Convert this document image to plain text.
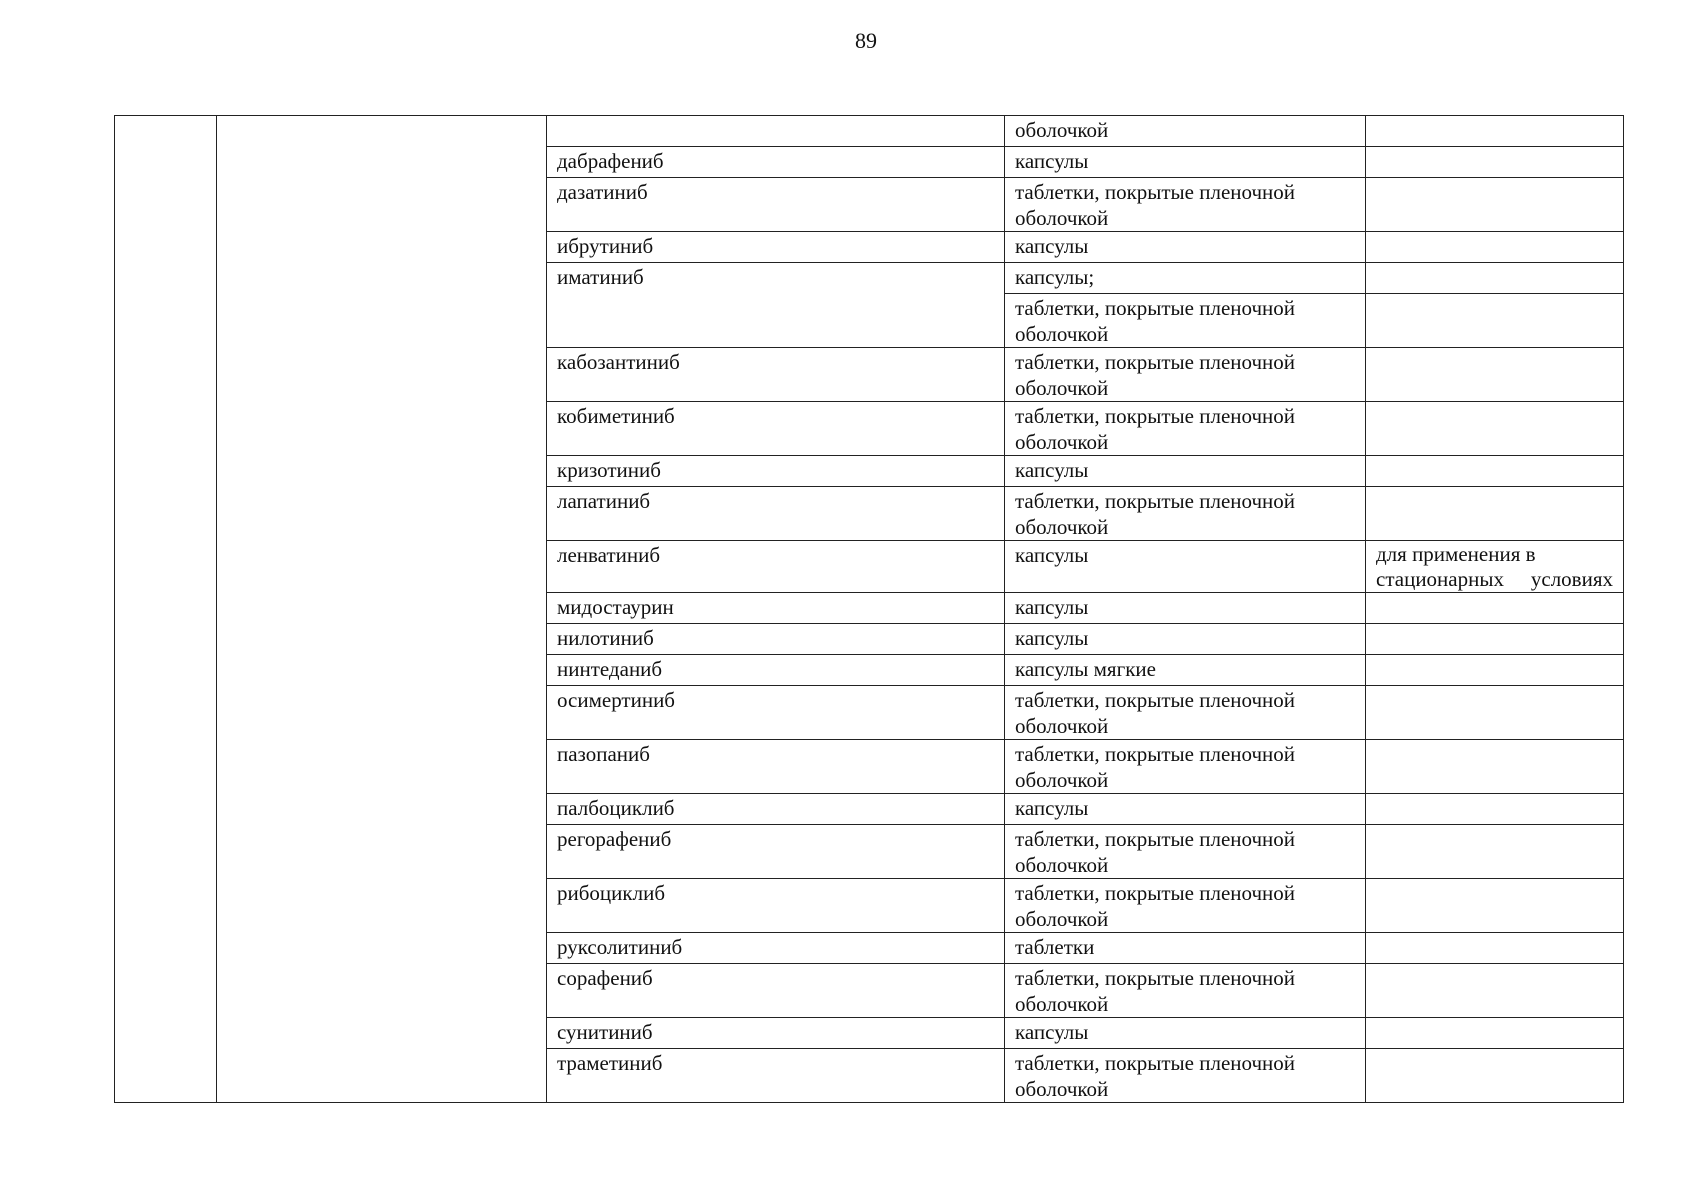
89
			оболочкой	
		дабрафениб	капсулы	
		дазатиниб	таблетки, покрытые пленочной оболочкой	
		ибрутиниб	капсулы	
		иматиниб	капсулы;	
			таблетки, покрытые пленочной оболочкой	
		кабозантиниб	таблетки, покрытые пленочной оболочкой	
		кобиметиниб	таблетки, покрытые пленочной оболочкой	
		кризотиниб	капсулы	
		лапатиниб	таблетки, покрытые пленочной оболочкой	
		ленватиниб	капсулы	для применения в стационарных условиях
		мидостаурин	капсулы	
		нилотиниб	капсулы	
		нинтеданиб	капсулы мягкие	
		осимертиниб	таблетки, покрытые пленочной оболочкой	
		пазопаниб	таблетки, покрытые пленочной оболочкой	
		палбоциклиб	капсулы	
		регорафениб	таблетки, покрытые пленочной оболочкой	
		рибоциклиб	таблетки, покрытые пленочной оболочкой	
		руксолитиниб	таблетки	
		сорафениб	таблетки, покрытые пленочной оболочкой	
		сунитиниб	капсулы	
		траметиниб	таблетки, покрытые пленочной оболочкой	
